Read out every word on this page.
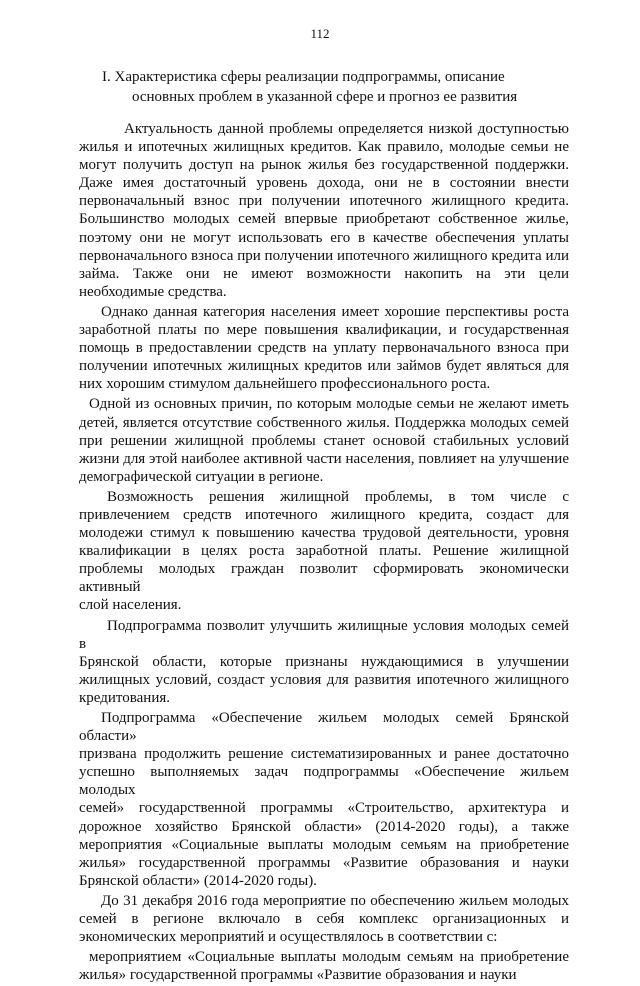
112
I. Характеристика сферы реализации подпрограммы, описание
основных проблем в указанной сфере и прогноз ее развития
Актуальность данной проблемы определяется низкой доступностью
жилья и ипотечных жилищных кредитов. Как правило, молодые семьи не
могут получить доступ на рынок жилья без государственной поддержки.
Даже имея достаточный уровень дохода, они не в состоянии внести
первоначальный взнос при получении ипотечного жилищного кредита.
Большинство молодых семей впервые приобретают собственное жилье,
поэтому они не могут использовать его в качестве обеспечения уплаты
первоначального взноса при получении ипотечного жилищного кредита или
займа. Также они не имеют возможности накопить на эти цели
необходимые средства.
Однако данная категория населения имеет хорошие перспективы роста
заработной платы по мере повышения квалификации, и государственная
помощь в предоставлении средств на уплату первоначального взноса при
получении ипотечных жилищных кредитов или займов будет являться для
них хорошим стимулом дальнейшего профессионального роста.
Одной из основных причин, по которым молодые семьи не желают иметь
детей, является отсутствие собственного жилья. Поддержка молодых семей
при решении жилищной проблемы станет основой стабильных условий
жизни для этой наиболее активной части населения, повлияет на улучшение
демографической ситуации в регионе.
Возможность решения жилищной проблемы, в том числе с
привлечением средств ипотечного жилищного кредита, создаст для
молодежи стимул к повышению качества трудовой деятельности, уровня
квалификации в целях роста заработной платы. Решение жилищной
проблемы молодых граждан позволит сформировать экономически активный
слой населения.
Подпрограмма позволит улучшить жилищные условия молодых семей в
Брянской области, которые признаны нуждающимися в улучшении
жилищных условий, создаст условия для развития ипотечного жилищного
кредитования.
Подпрограмма «Обеспечение жильем молодых семей Брянской области»
призвана продолжить решение систематизированных и ранее достаточно
успешно выполняемых задач подпрограммы «Обеспечение жильем молодых
семей» государственной программы «Строительство, архитектура и
дорожное хозяйство Брянской области» (2014-2020 годы), а также
мероприятия «Социальные выплаты молодым семьям на приобретение
жилья» государственной программы «Развитие образования и науки
Брянской области» (2014-2020 годы).
До 31 декабря 2016 года мероприятие по обеспечению жильем молодых
семей в регионе включало в себя комплекс организационных и
экономических мероприятий и осуществлялось в соответствии с:
мероприятием «Социальные выплаты молодым семьям на приобретение
жилья» государственной программы «Развитие образования и науки
